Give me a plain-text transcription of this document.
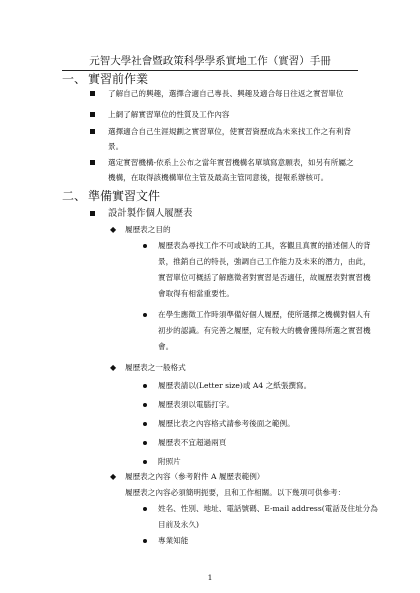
元智大學社會暨政策科學學系實地工作（實習）手冊
一、 實習前作業
了解自己的興趣，選擇合適自己專長、興趣及適合每日往返之實習單位
上網了解實習單位的性質及工作內容
選擇適合自己生涯規劃之實習單位，使實習資歷成為未來找工作之有利背
景。
選定實習機構-依系上公布之當年實習機構名單填寫意願表，如另有所屬之
機構，在取得該機構單位主管及最高主管同意後，提報系辦核可。
二、 準備實習文件
設計製作個人履歷表
◆ 履歷表之目的
履歷表為尋找工作不可或缺的工具，客觀且真實的描述個人的背
景，推銷自己的特長，強調自己工作能力及未來的潛力，由此，
實習單位可概括了解應徵者對實習是否適任，故履歷表對實習機
會取得有相當重要性。
在學生應徵工作時須準備好個人履歷，使所選擇之機構對個人有
初步的認識。有完善之履歷，定有較大的機會獲得所選之實習機
會。
◆ 履歷表之一般格式
履歷表請以(Letter size)或 A4 之紙張撰寫。
履歷表須以電腦打字。
履歷比表之內容格式請參考後面之範例。
履歷表不宜超過兩頁
附照片
◆ 履歷表之內容（參考附件 A 履歷表範例）
履歷表之內容必須簡明扼要，且和工作相關。以下幾項可供參考：
姓名、性別、地址、電話號碼、E-mail address(電話及住址分為
目前及永久)
專業知能
1
